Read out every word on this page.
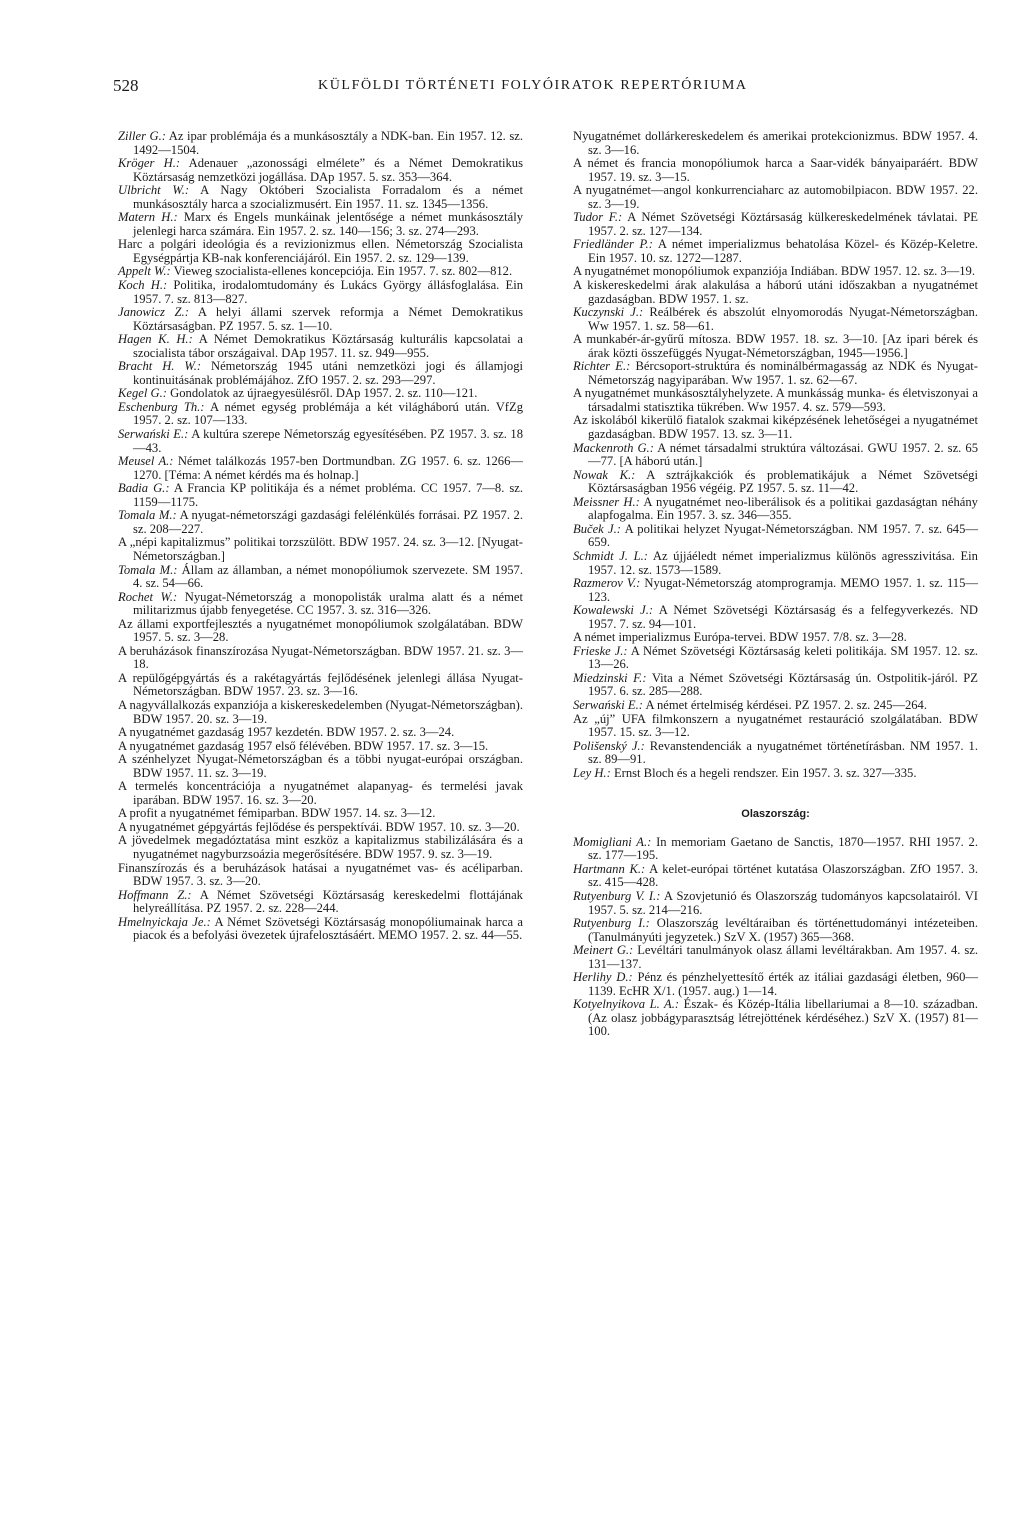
528	KÜLFÖLDI TÖRTÉNETI FOLYÓIRATOK REPERTÓRIUMA

Ziller G.: Az ipar problémája és a munkásosztály a NDK-ban. Ein 1957. 12. sz. 1492—1504.

Kröger H.: Adenauer „azonossági elmélete” és a Német Demokratikus Köztársaság nemzetközi jogállása. DAp 1957. 5. sz. 353—364.

Ulbricht W.: A Nagy Októberi Szocialista Forradalom és a német munkásosztály harca a szocializmusért. Ein 1957. 11. sz. 1345—1356.

Matern H.: Marx és Engels munkáinak jelentősége a német munkásosztály jelenlegi harca számára. Ein 1957. 2. sz. 140—156; 3. sz. 274—293.

Harc a polgári ideológia és a revizionizmus ellen. Németország Szocialista Egységpártja KB-nak konferenciájáról. Ein 1957. 2. sz. 129—139.

Appelt W.: Vieweg szocialista-ellenes koncepciója. Ein 1957. 7. sz. 802—812.

Koch H.: Politika, irodalomtudomány és Lukács György állásfoglalása. Ein 1957. 7. sz. 813—827.

Janowicz Z.: A helyi állami szervek reformja a Német Demokratikus Köztársaságban. PZ 1957. 5. sz. 1—10.

Hagen K. H.: A Német Demokratikus Köztársaság kulturális kapcsolatai a szocialista tábor országaival. DAp 1957. 11. sz. 949—955.

Bracht H. W.: Németország 1945 utáni nemzetközi jogi és államjogi kontinuitásának problémájához. ZfO 1957. 2. sz. 293—297.

Kegel G.: Gondolatok az újraegyesülésről. DAp 1957. 2. sz. 110—121.

Eschenburg Th.: A német egység problémája a két világháború után. VfZg 1957. 2. sz. 107—133.

Serwański E.: A kultúra szerepe Németország egyesítésében. PZ 1957. 3. sz. 18—43.

Meusel A.: Német találkozás 1957-ben Dortmundban. ZG 1957. 6. sz. 1266—1270. [Téma: A német kérdés ma és holnap.]

Badia G.: A Francia KP politikája és a német probléma. CC 1957. 7—8. sz. 1159—1175.

Tomala M.: A nyugat-németországi gazdasági felélénkülés forrásai. PZ 1957. 2. sz. 208—227.

A „népi kapitalizmus” politikai torzszülött. BDW 1957. 24. sz. 3—12. [Nyugat-Németországban.]

Tomala M.: Állam az államban, a német monopóliumok szervezete. SM 1957. 4. sz. 54—66.

Rochet W.: Nyugat-Németország a monopolisták uralma alatt és a német militarizmus újabb fenyegetése. CC 1957. 3. sz. 316—326.

Az állami exportfejlesztés a nyugatnémet monopóliumok szolgálatában. BDW 1957. 5. sz. 3—28.

A beruházások finanszírozása Nyugat-Németországban. BDW 1957. 21. sz. 3—18.

A repülőgépgyártás és a rakétagyártás fejlődésének jelenlegi állása Nyugat-Németországban. BDW 1957. 23. sz. 3—16.

A nagyvállalkozás expanziója a kiskereskedelemben (Nyugat-Németországban). BDW 1957. 20. sz. 3—19.

A nyugatnémet gazdaság 1957 kezdetén. BDW 1957. 2. sz. 3—24.

A nyugatnémet gazdaság 1957 első félévében. BDW 1957. 17. sz. 3—15.

A szénhelyzet Nyugat-Németországban és a többi nyugat-európai országban. BDW 1957. 11. sz. 3—19.

A termelés koncentrációja a nyugatnémet alapanyag- és termelési javak iparában. BDW 1957. 16. sz. 3—20.

A profit a nyugatnémet fémiparban. BDW 1957. 14. sz. 3—12.

A nyugatnémet gépgyártás fejlődése és perspektívái. BDW 1957. 10. sz. 3—20.

A jövedelmek megadóztatása mint eszköz a kapitalizmus stabilizálására és a nyugatnémet nagyburzsoázia megerősítésére. BDW 1957. 9. sz. 3—19.

Finanszírozás és a beruházások hatásai a nyugatnémet vas- és acéliparban. BDW 1957. 3. sz. 3—20.

Hoffmann Z.: A Német Szövetségi Köztársaság kereskedelmi flottájának helyreállítása. PZ 1957. 2. sz. 228—244.

Hmelnyickaja Je.: A Német Szövetségi Köztársaság monopóliumainak harca a piacok és a befolyási övezetek újrafelosztásáért. MEMO 1957. 2. sz. 44—55.

Nyugatnémet dollárkereskedelem és amerikai protekcionizmus. BDW 1957. 4. sz. 3—16.

A német és francia monopóliumok harca a Saar-vidék bányaiparáért. BDW 1957. 19. sz. 3—15.

A nyugatnémet—angol konkurrenciaharc az automobilpiacon. BDW 1957. 22. sz. 3—19.

Tudor F.: A Német Szövetségi Köztársaság külkereskedelmének távlatai. PE 1957. 2. sz. 127—134.

Friedländer P.: A német imperializmus behatolása Közel- és Közép-Keletre. Ein 1957. 10. sz. 1272—1287.

A nyugatnémet monopóliumok expanziója Indiában. BDW 1957. 12. sz. 3—19.

A kiskereskedelmi árak alakulása a háború utáni időszakban a nyugatnémet gazdaságban. BDW 1957. 1. sz.

Kuczynski J.: Reálbérek és abszolút elnyomorodás Nyugat-Németországban. Ww 1957. 1. sz. 58—61.

A munkabér-ár-gyűrű mítosza. BDW 1957. 18. sz. 3—10. [Az ipari bérek és árak közti összefüggés Nyugat-Németországban, 1945—1956.]

Richter E.: Bércsoport-struktúra és nominálbérmagasság az NDK és Nyugat-Németország nagyiparában. Ww 1957. 1. sz. 62—67.

A nyugatnémet munkásosztályhelyzete. A munkásság munka- és életviszonyai a társadalmi statisztika tükrében. Ww 1957. 4. sz. 579—593.

Az iskolából kikerülő fiatalok szakmai kiképzésének lehetőségei a nyugatnémet gazdaságban. BDW 1957. 13. sz. 3—11.

Mackenroth G.: A német társadalmi struktúra változásai. GWU 1957. 2. sz. 65—77. [A háború után.]

Nowak K.: A sztrájkakciók és problematikájuk a Német Szövetségi Köztársaságban 1956 végéig. PZ 1957. 5. sz. 11—42.

Meissner H.: A nyugatnémet neo-liberálisok és a politikai gazdaságtan néhány alapfogalma. Ein 1957. 3. sz. 346—355.

Buček J.: A politikai helyzet Nyugat-Németországban. NM 1957. 7. sz. 645—659.

Schmidt J. L.: Az újjáéledt német imperializmus különös agresszivitása. Ein 1957. 12. sz. 1573—1589.

Razmerov V.: Nyugat-Németország atomprogramja. MEMO 1957. 1. sz. 115—123.

Kowalewski J.: A Német Szövetségi Köztársaság és a felfegyverkezés. ND 1957. 7. sz. 94—101.

A német imperializmus Európa-tervei. BDW 1957. 7/8. sz. 3—28.

Frieske J.: A Német Szövetségi Köztársaság keleti politikája. SM 1957. 12. sz. 13—26.

Miedzinski F.: Vita a Német Szövetségi Köztársaság ún. Ostpolitik-járól. PZ 1957. 6. sz. 285—288.

Serwański E.: A német értelmiség kérdései. PZ 1957. 2. sz. 245—264.

Az „új” UFA filmkonszern a nyugatnémet restauráció szolgálatában. BDW 1957. 15. sz. 3—12.

Polišenský J.: Revanstendenciák a nyugatnémet történetírásban. NM 1957. 1. sz. 89—91.

Ley H.: Ernst Bloch és a hegeli rendszer. Ein 1957. 3. sz. 327—335.

Olaszország:

Momigliani A.: In memoriam Gaetano de Sanctis, 1870—1957. RHI 1957. 2. sz. 177—195.

Hartmann K.: A kelet-európai történet kutatása Olaszországban. ZfO 1957. 3. sz. 415—428.

Rutyenburg V. I.: A Szovjetunió és Olaszország tudományos kapcsolatairól. VI 1957. 5. sz. 214—216.

Rutyenburg I.: Olaszország levéltáraiban és történettudományi intézeteiben. (Tanulmányúti jegyzetek.) SzV X. (1957) 365—368.

Meinert G.: Levéltári tanulmányok olasz állami levéltárakban. Am 1957. 4. sz. 131—137.

Herlihy D.: Pénz és pénzhelyettesítő érték az itáliai gazdasági életben, 960—1139. EcHR X/1. (1957. aug.) 1—14.

Kotyelnyikova L. A.: Észak- és Közép-Itália libellariumai a 8—10. században. (Az olasz jobbágyparasztság létrejöttének kérdéséhez.) SzV X. (1957) 81—100.
